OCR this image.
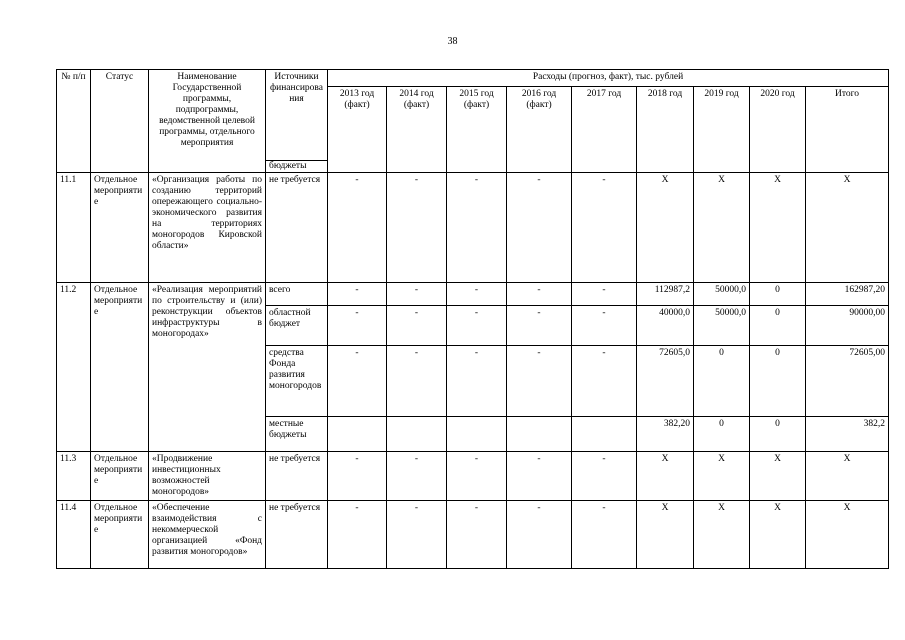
38
№ п/п	Статус	Наименование Государственной программы, подпрограммы, ведомственной целевой программы, отдельного мероприятия	Источники финансирования	Расходы (прогноз, факт), тыс. рублей								
				2013 год (факт)	2014 год (факт)	2015 год (факт)	2016 год (факт)	2017 год	2018 год	2019 год	2020 год	Итого
			бюджеты									
11.1	Отдельное мероприятие	«Организация работы по созданию территорий опережающего социально-экономического развития на территориях моногородов Кировской области»	не требуется	-	-	-	-	-	X	X	X	X
11.2	Отдельное мероприятие	«Реализация мероприятий по строительству и (или) реконструкции объектов инфраструктуры в моногородах»	всего	-	-	-	-	-	112987,2	50000,0	0	162987,20
			областной бюджет	-	-	-	-	-	40000,0	50000,0	0	90000,00
			средства Фонда развития моногородов	-	-	-	-	-	72605,0	0	0	72605,00
			местные бюджеты						382,20	0	0	382,2
11.3	Отдельное мероприятие	«Продвижение инвестиционных возможностей моногородов»	не требуется	-	-	-	-	-	X	X	X	X
11.4	Отдельное мероприятие	«Обеспечение взаимодействия с некоммерческой организацией «Фонд развития моногородов»	не требуется	-	-	-	-	-	X	X	X	X
